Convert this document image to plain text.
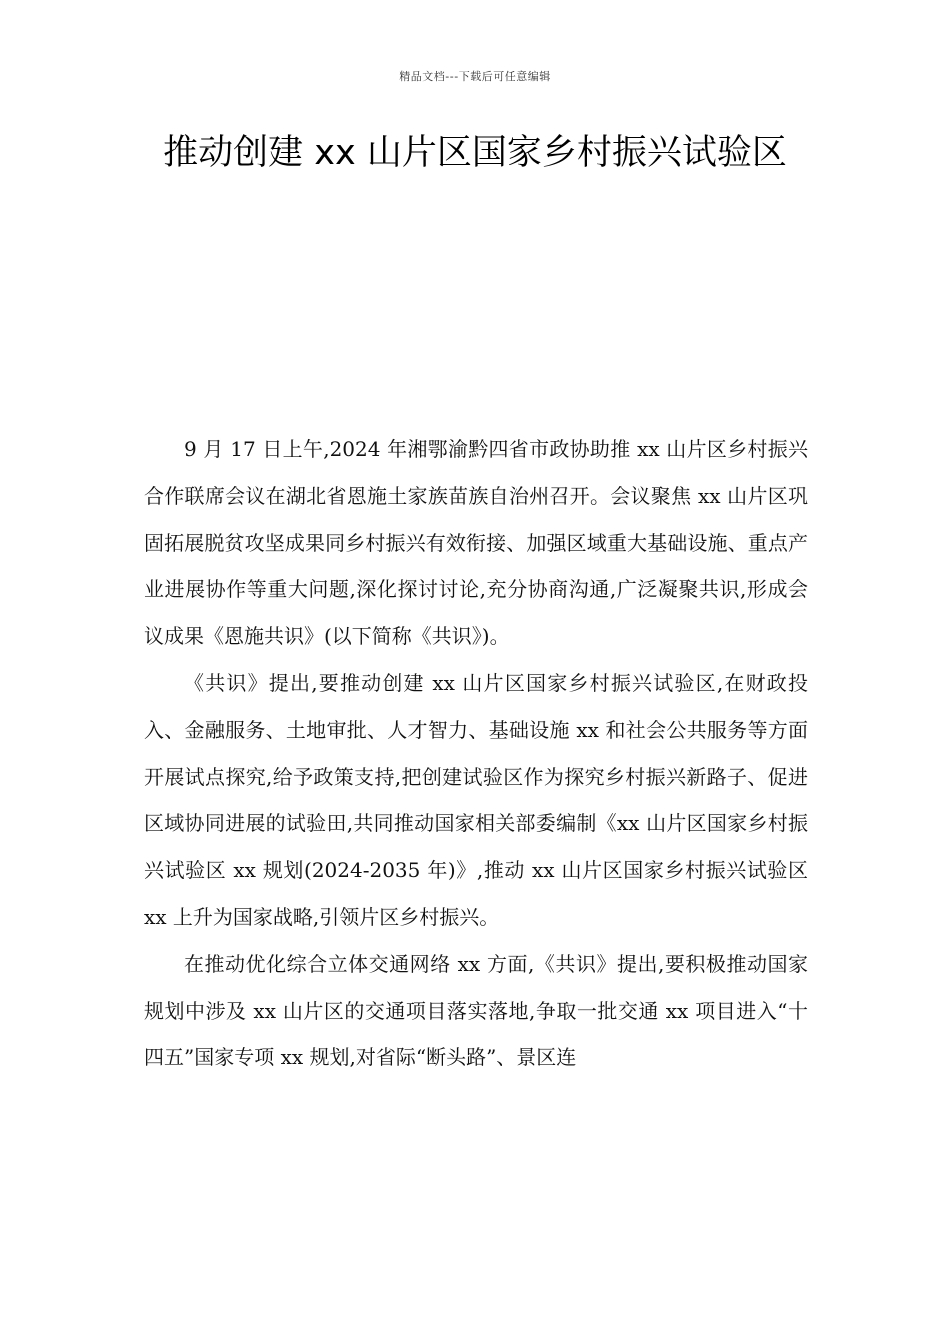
精品文档---下载后可任意编辑
推动创建 xx 山片区国家乡村振兴试验区

9 月 17 日上午,2024 年湘鄂渝黔四省市政协助推 xx 山片区乡村振兴合作联席会议在湖北省恩施土家族苗族自治州召开。会议聚焦 xx 山片区巩固拓展脱贫攻坚成果同乡村振兴有效衔接、加强区域重大基础设施、重点产业进展协作等重大问题,深化探讨讨论,充分协商沟通,广泛凝聚共识,形成会议成果《恩施共识》(以下简称《共识》)。

《共识》提出,要推动创建 xx 山片区国家乡村振兴试验区,在财政投入、金融服务、土地审批、人才智力、基础设施 xx 和社会公共服务等方面开展试点探究,给予政策支持,把创建试验区作为探究乡村振兴新路子、促进区域协同进展的试验田,共同推动国家相关部委编制《xx 山片区国家乡村振兴试验区 xx 规划(2024-2035 年)》,推动 xx 山片区国家乡村振兴试验区 xx 上升为国家战略,引领片区乡村振兴。

在推动优化综合立体交通网络 xx 方面,《共识》提出,要积极推动国家规划中涉及 xx 山片区的交通项目落实落地,争取一批交通 xx 项目进入“十四五”国家专项 xx 规划,对省际“断头路”、景区连
